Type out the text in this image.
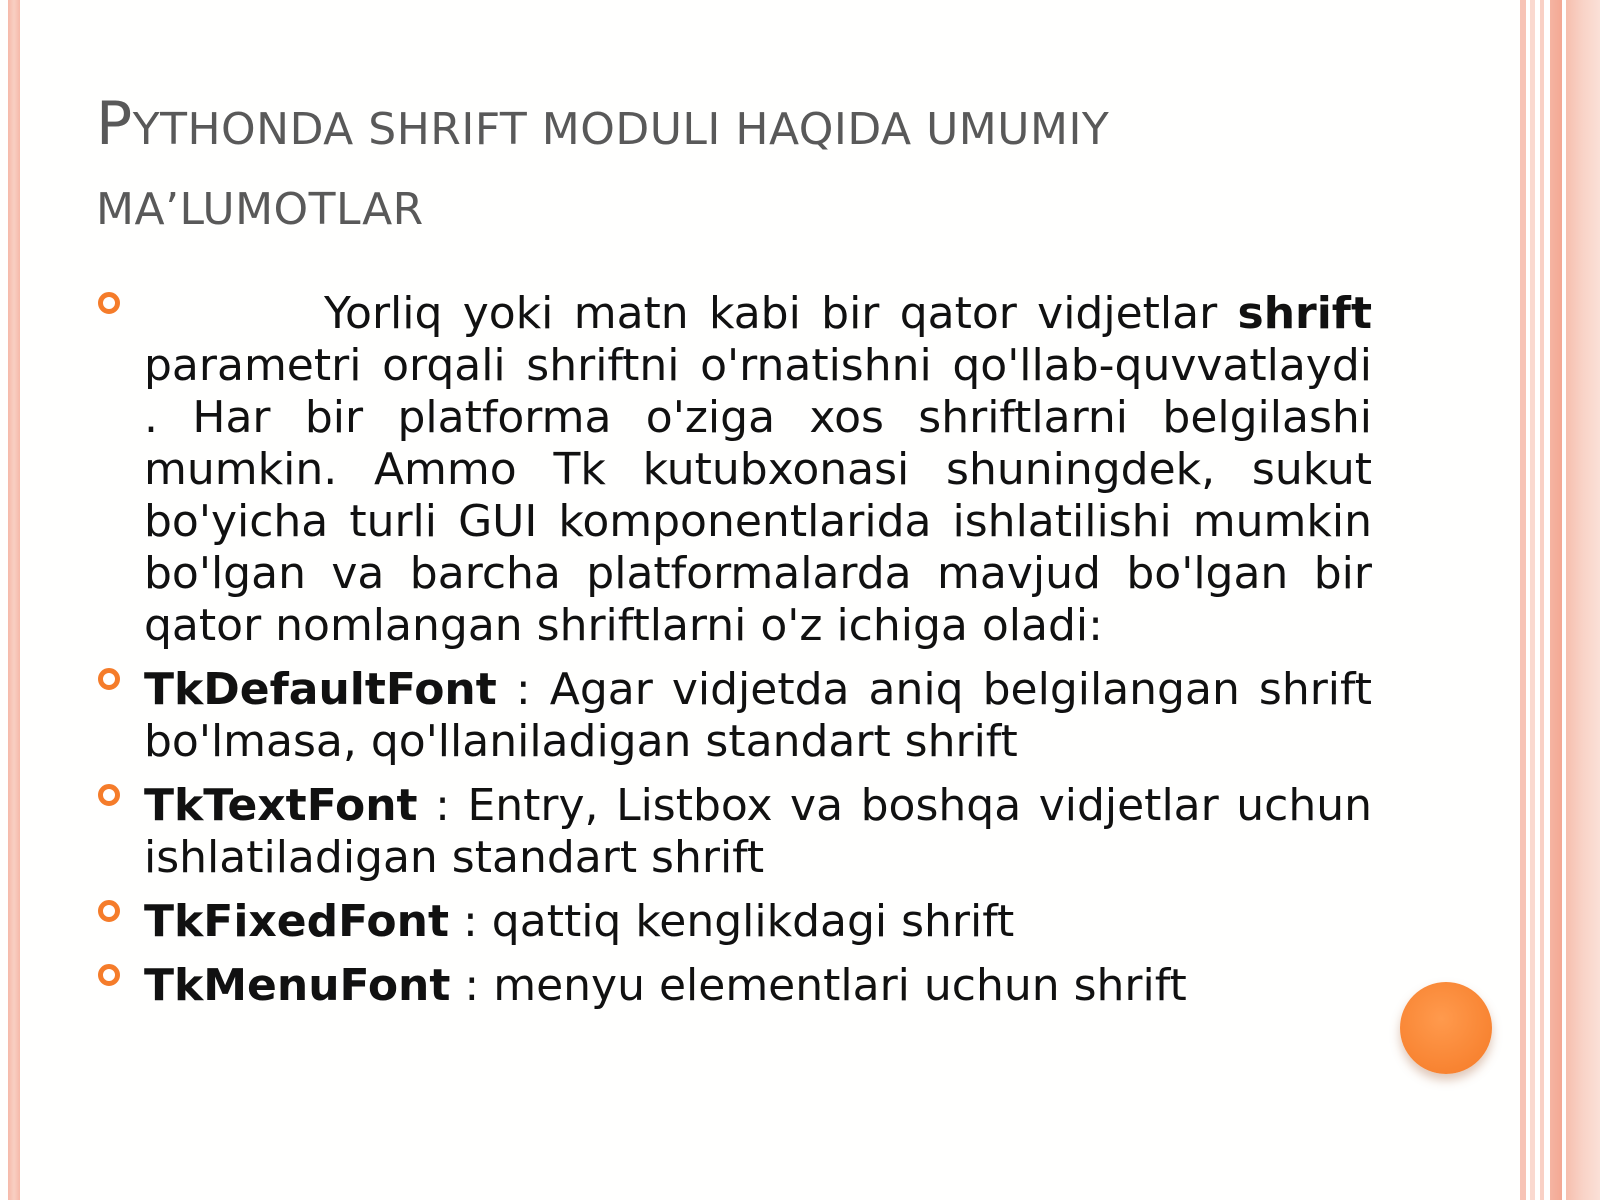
PYTHONDA SHRIFT MODULI HAQIDA UMUMIY
MA’LUMOTLAR
Yorliq yoki matn kabi bir qator vidjetlar shrift parametri orqali shriftni o'rnatishni qo'llab-quvvatlaydi . Har bir platforma o'ziga xos shriftlarni belgilashi mumkin. Ammo Tk kutubxonasi shuningdek, sukut bo'yicha turli GUI komponentlarida ishlatilishi mumkin bo'lgan va barcha platformalarda mavjud bo'lgan bir qator nomlangan shriftlarni o'z ichiga oladi:
TkDefaultFont : Agar vidjetda aniq belgilangan shrift bo'lmasa, qo'llaniladigan standart shrift
TkTextFont : Entry, Listbox va boshqa vidjetlar uchun ishlatiladigan standart shrift
TkFixedFont : qattiq kenglikdagi shrift
TkMenuFont : menyu elementlari uchun shrift
